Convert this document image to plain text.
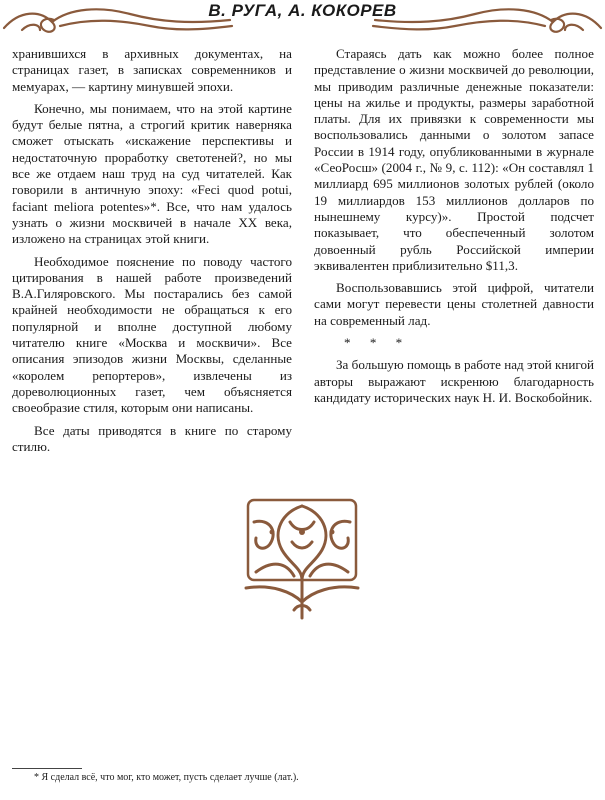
В. РУГА, А. КОКОРЕВ

хранившихся в архивных документах, на страницах газет, в записках современников и мемуарах, — картину минувшей эпохи.

Конечно, мы понимаем, что на этой картине будут белые пятна, а строгий критик наверняка сможет отыскать «искажение перспективы и недостаточную проработку светотеней?, но мы все же отдаем наш труд на суд читателей. Как говорили в античную эпоху: «Feci quod potui, faciant meliora potentes»*. Все, что нам удалось узнать о жизни москвичей в начале XX века, изложено на страницах этой книги.

Необходимое пояснение по поводу частого цитирования в нашей работе произведений В.А.Гиляровского. Мы постарались без самой крайней необходимости не обращаться к его популярной и вполне доступной любому читателю книге «Москва и москвичи». Все описания эпизодов жизни Москвы, сделанные «королем репортеров», извлечены из дореволюционных газет, чем объясняется своеобразие стиля, которым они написаны.

Все даты приводятся в книге по старому стилю.

Стараясь дать как можно более полное представление о жизни москвичей до революции, мы приводим различные денежные показатели: цены на жилье и продукты, размеры заработной платы. Для их привязки к современности мы воспользовались данными о золотом запасе России в 1914 году, опубликованными в журнале «СеоРосш» (2004 г., № 9, с. 112): «Он составлял 1 миллиард 695 миллионов золотых рублей (около 19 миллиардов 153 миллионов долларов по нынешнему курсу)». Простой подсчет показывает, что обеспеченный золотом довоенный рубль Российской империи эквивалентен приблизительно $11,3.

Воспользовавшись этой цифрой, читатели сами могут перевести цены столетней давности на современный лад.

* * *

За большую помощь в работе над этой книгой авторы выражают искренюю благодарность кандидату исторических наук Н. И. Воскобойник.

* Я сделал всё, что мог, кто может, пусть сделает лучше (лат.).
